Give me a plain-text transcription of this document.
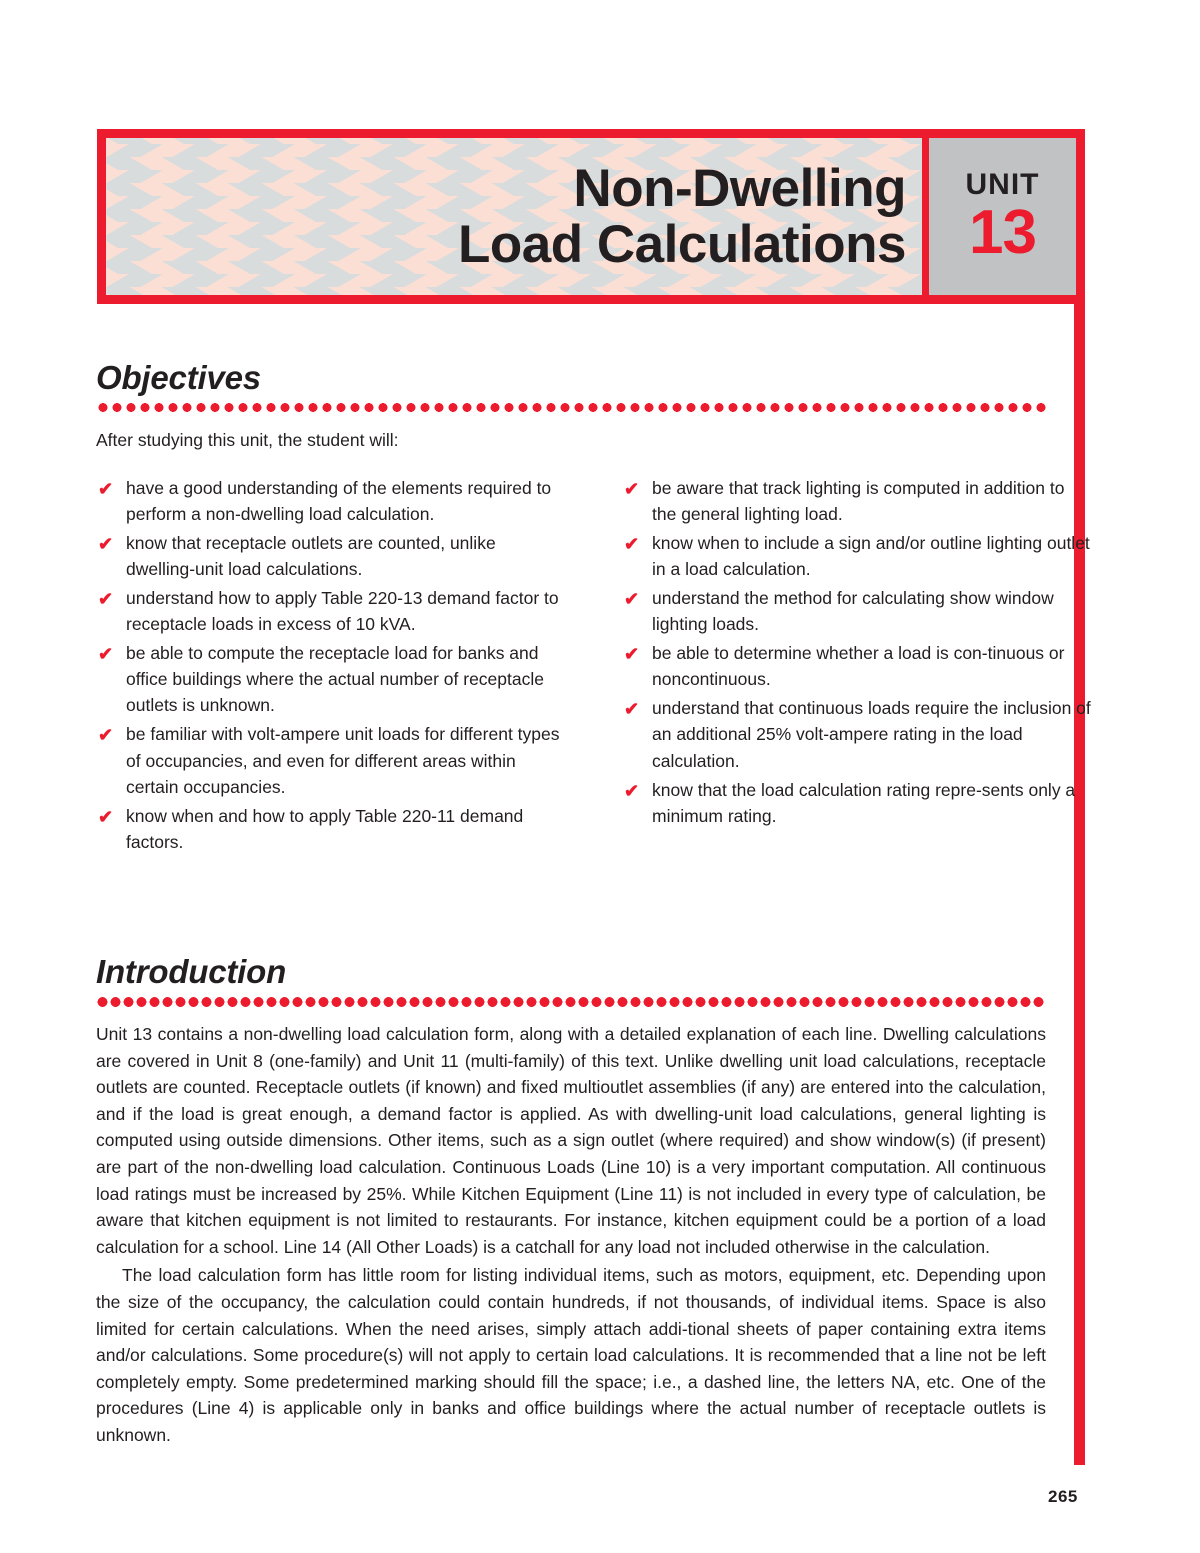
Non-Dwelling
Load Calculations
UNIT
13
Objectives

After studying this unit, the student will:

✔ have a good understanding of the elements required to perform a non-dwelling load calculation.
✔ know that receptacle outlets are counted, unlike dwelling-unit load calculations.
✔ understand how to apply Table 220-13 demand factor to receptacle loads in excess of 10 kVA.
✔ be able to compute the receptacle load for banks and office buildings where the actual number of receptacle outlets is unknown.
✔ be familiar with volt-ampere unit loads for different types of occupancies, and even for different areas within certain occupancies.
✔ know when and how to apply Table 220-11 demand factors.
✔ be aware that track lighting is computed in addition to the general lighting load.
✔ know when to include a sign and/or outline lighting outlet in a load calculation.
✔ understand the method for calculating show window lighting loads.
✔ be able to determine whether a load is con-tinuous or noncontinuous.
✔ understand that continuous loads require the inclusion of an additional 25% volt-ampere rating in the load calculation.
✔ know that the load calculation rating repre-sents only a minimum rating.
Introduction

Unit 13 contains a non-dwelling load calculation form, along with a detailed explanation of each line. Dwelling calculations are covered in Unit 8 (one-family) and Unit 11 (multi-family) of this text. Unlike dwelling unit load calculations, receptacle outlets are counted. Receptacle outlets (if known) and fixed multioutlet assemblies (if any) are entered into the calculation, and if the load is great enough, a demand factor is applied. As with dwelling-unit load calculations, general lighting is computed using outside dimensions. Other items, such as a sign outlet (where required) and show window(s) (if present) are part of the non-dwelling load calculation. Continuous Loads (Line 10) is a very important computation. All continuous load ratings must be increased by 25%. While Kitchen Equipment (Line 11) is not included in every type of calculation, be aware that kitchen equipment is not limited to restaurants. For instance, kitchen equipment could be a portion of a load calculation for a school. Line 14 (All Other Loads) is a catchall for any load not included otherwise in the calculation.

The load calculation form has little room for listing individual items, such as motors, equipment, etc. Depending upon the size of the occupancy, the calculation could contain hundreds, if not thousands, of individual items. Space is also limited for certain calculations. When the need arises, simply attach addi-tional sheets of paper containing extra items and/or calculations. Some procedure(s) will not apply to certain load calculations. It is recommended that a line not be left completely empty. Some predetermined marking should fill the space; i.e., a dashed line, the letters NA, etc. One of the procedures (Line 4) is applicable only in banks and office buildings where the actual number of receptacle outlets is unknown.

265
